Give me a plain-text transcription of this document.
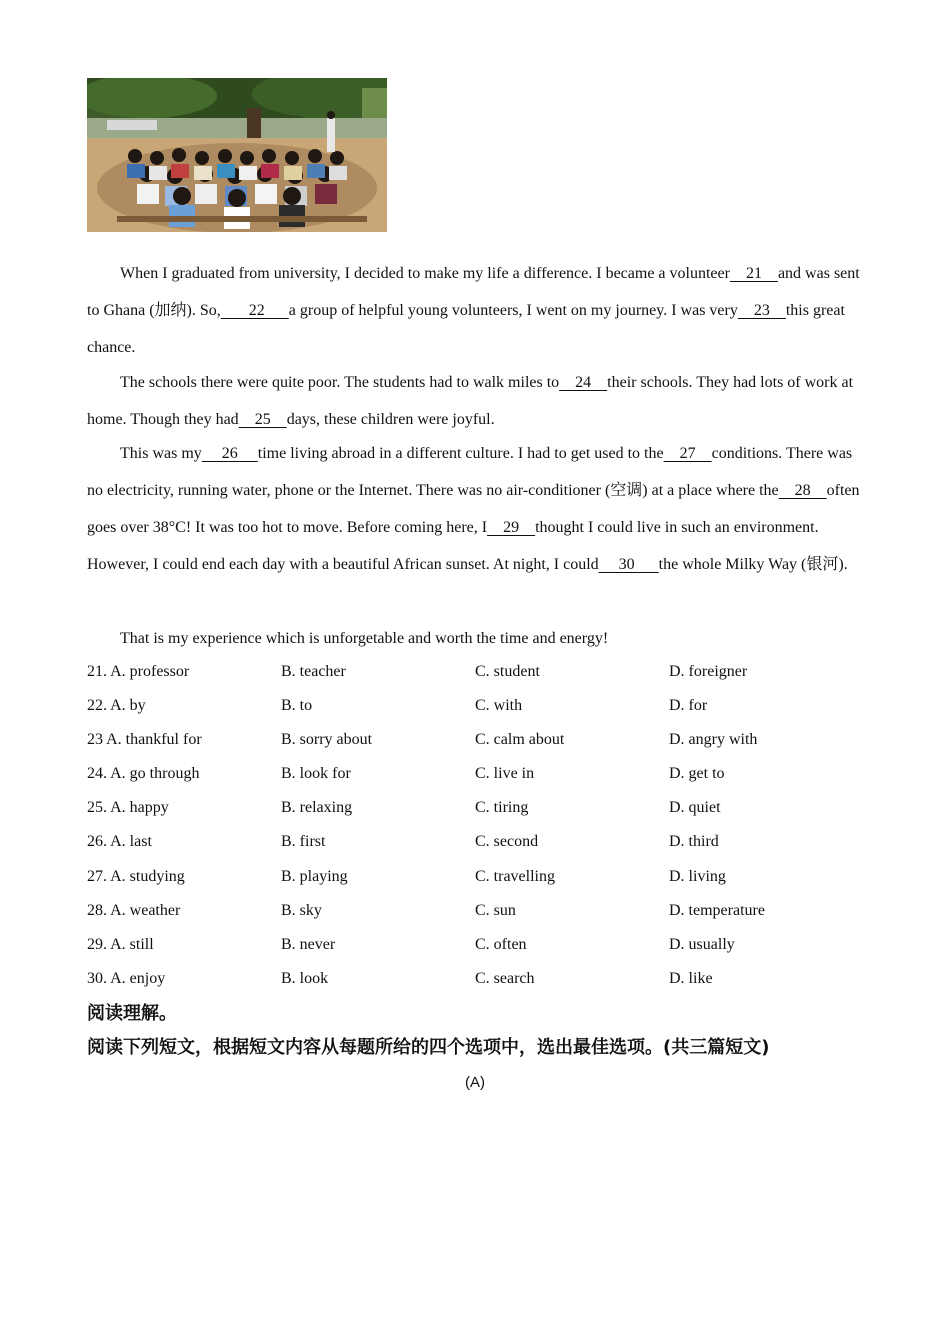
When I graduated from university, I decided to make my life a difference. I became a volunteer    21    and was sent to Ghana (加纳). So,       22      a group of helpful young volunteers, I went on my journey. I was very    23    this great chance.

The schools there were quite poor. The students had to walk miles to    24    their schools. They had lots of work at home. Though they had    25    days, these children were joyful.

This was my     26     time living abroad in a different culture. I had to get used to the    27    conditions. There was no electricity, running water, phone or the Internet. There was no air-conditioner (空调) at a place where the    28    often goes over 38°C! It was too hot to move. Before coming here, I    29    thought I could live in such an environment. However, I could end each day with a beautiful African sunset. At night, I could     30      the whole Milky Way (银河).

That is my experience which is unforgetable and worth the time and energy!

21. A. professor	B. teacher	C. student	D. foreigner
22. A. by	B. to	C. with	D. for
23 A. thankful for	B. sorry about	C. calm about	D. angry with
24. A. go through	B. look for	C. live in	D. get to
25. A. happy	B. relaxing	C. tiring	D. quiet
26. A. last	B. first	C. second	D. third
27. A. studying	B. playing	C. travelling	D. living
28. A. weather	B. sky	C. sun	D. temperature
29. A. still	B. never	C. often	D. usually
30. A. enjoy	B. look	C. search	D. like

阅读理解。

阅读下列短文，根据短文内容从每题所给的四个选项中，选出最佳选项。(共三篇短文)

(A)
